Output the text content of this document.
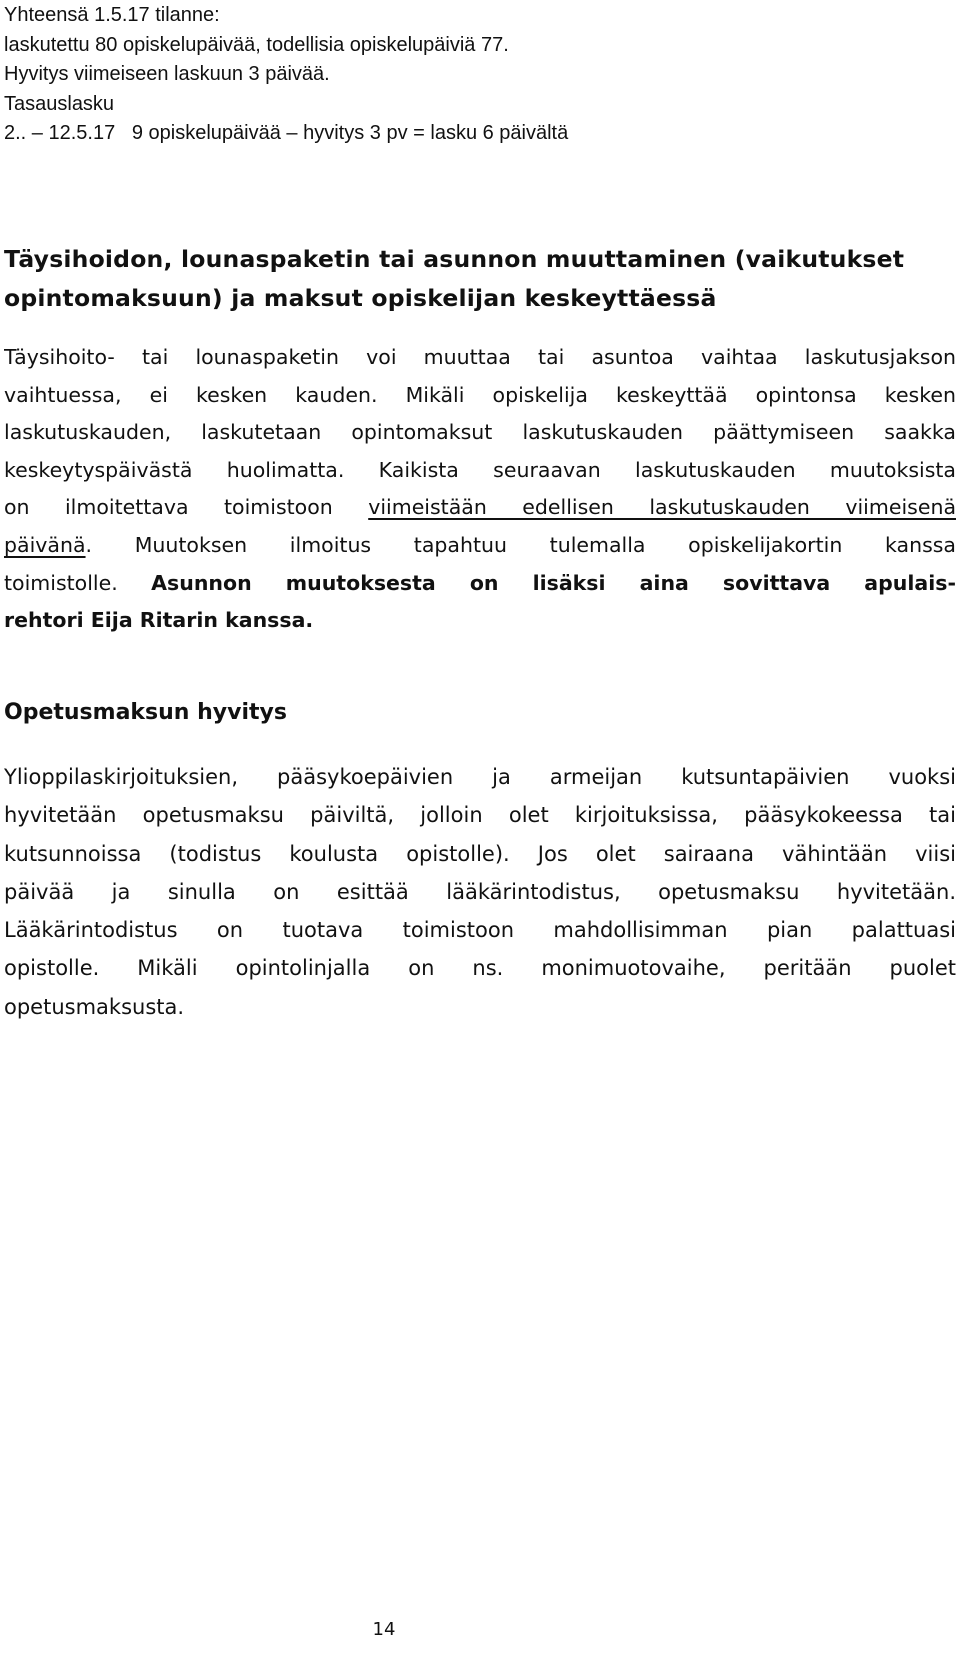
Yhteensä 1.5.17 tilanne:
laskutettu 80 opiskelupäivää, todellisia opiskelupäiviä 77.
Hyvitys viimeiseen laskuun 3 päivää.
Tasauslasku
2.. – 12.5.17   9 opiskelupäivää – hyvitys 3 pv = lasku 6 päivältä
Täysihoidon, lounaspaketin tai asunnon muuttaminen (vaikutukset
opintomaksuun) ja maksut opiskelijan keskeyttäessä
Täysihoito- tai lounaspaketin voi muuttaa tai asuntoa vaihtaa laskutusjakson
vaihtuessa, ei kesken kauden. Mikäli opiskelija keskeyttää opintonsa kesken
laskutuskauden, laskutetaan opintomaksut laskutuskauden päättymiseen saakka
keskeytyspäivästä huolimatta. Kaikista seuraavan laskutuskauden muutoksista
on ilmoitettava toimistoon viimeistään edellisen laskutuskauden viimeisenä
päivänä. Muutoksen ilmoitus tapahtuu tulemalla opiskelijakortin kanssa
toimistolle. Asunnon muutoksesta on lisäksi aina sovittava apulais-
rehtori Eija Ritarin kanssa.
Opetusmaksun hyvitys
Ylioppilaskirjoituksien, pääsykoepäivien ja armeijan kutsuntapäivien vuoksi
hyvitetään opetusmaksu päiviltä, jolloin olet kirjoituksissa, pääsykokeessa tai
kutsunnoissa (todistus koulusta opistolle). Jos olet sairaana vähintään viisi
päivää ja sinulla on esittää lääkärintodistus, opetusmaksu hyvitetään.
Lääkärintodistus on tuotava toimistoon mahdollisimman pian palattuasi
opistolle. Mikäli opintolinjalla on ns. monimuotovaihe, peritään puolet
opetusmaksusta.
14
